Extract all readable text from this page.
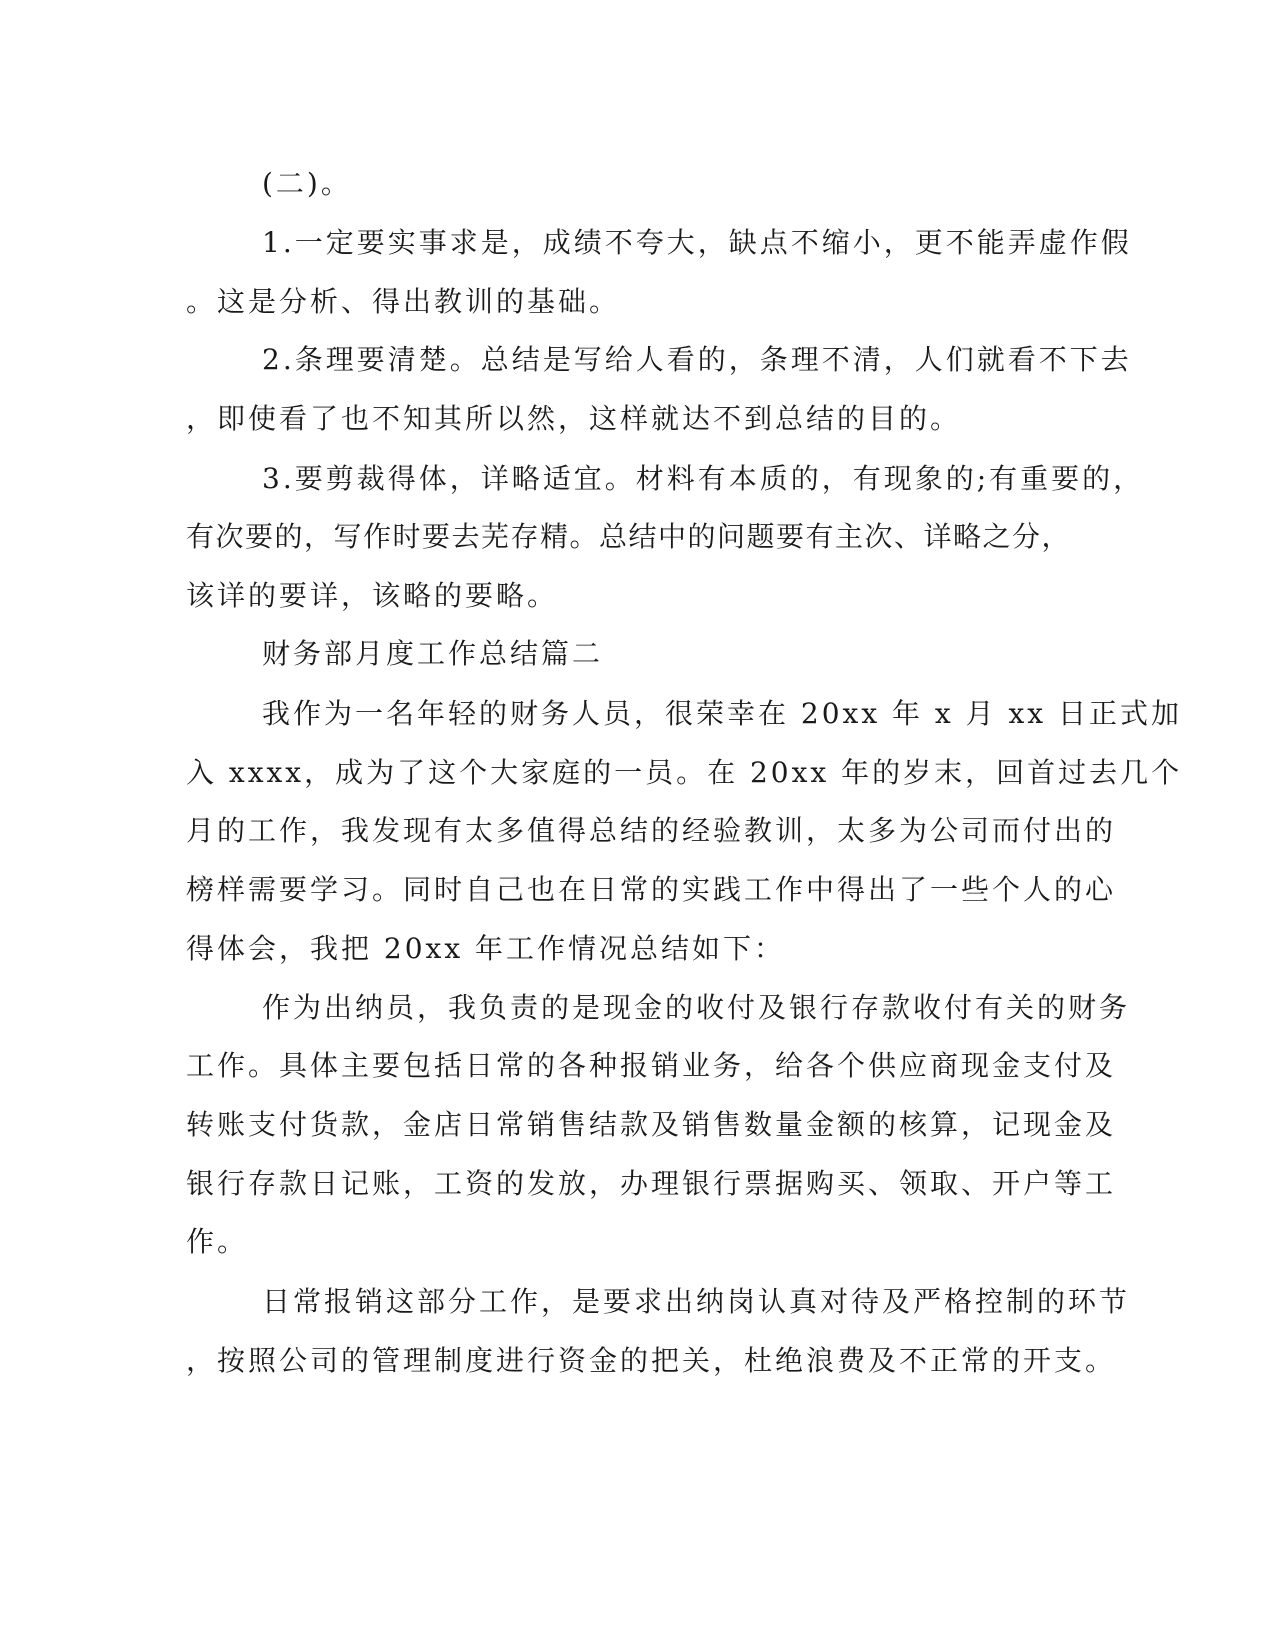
(二)。
1.一定要实事求是，成绩不夸大，缺点不缩小，更不能弄虚作假
。这是分析、得出教训的基础。
2.条理要清楚。总结是写给人看的，条理不清，人们就看不下去
，即使看了也不知其所以然，这样就达不到总结的目的。
3.要剪裁得体，详略适宜。材料有本质的，有现象的;有重要的，
有次要的，写作时要去芜存精。总结中的问题要有主次、详略之分，
该详的要详，该略的要略。
财务部月度工作总结篇二
我作为一名年轻的财务人员，很荣幸在 20xx 年 x 月 xx 日正式加
入 xxxx，成为了这个大家庭的一员。在 20xx 年的岁末，回首过去几个
月的工作，我发现有太多值得总结的经验教训，太多为公司而付出的
榜样需要学习。同时自己也在日常的实践工作中得出了一些个人的心
得体会，我把 20xx 年工作情况总结如下：
作为出纳员，我负责的是现金的收付及银行存款收付有关的财务
工作。具体主要包括日常的各种报销业务，给各个供应商现金支付及
转账支付货款，金店日常销售结款及销售数量金额的核算，记现金及
银行存款日记账，工资的发放，办理银行票据购买、领取、开户等工
作。
日常报销这部分工作，是要求出纳岗认真对待及严格控制的环节
，按照公司的管理制度进行资金的把关，杜绝浪费及不正常的开支。
